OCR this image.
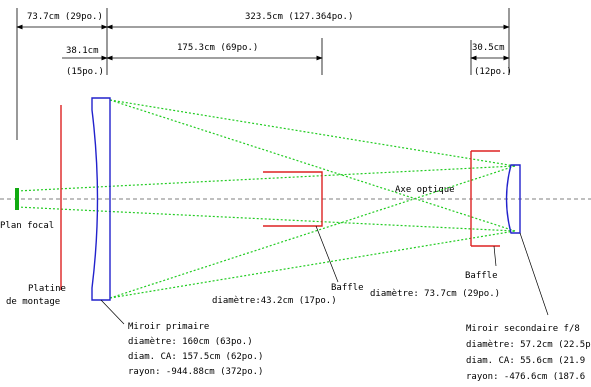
73.7cm (29po.)	323.5cm (127.364po.)
38.1cm
(15po.)
175.3cm (69po.)	30.5cm
(12po.)
Axe optique
Plan focal
Platine
de montage
Baffle
diamètre:43.2cm (17po.)
Baffle
diamètre: 73.7cm (29po.)
Miroir primaire
diamètre: 160cm (63po.)
diam. CA: 157.5cm (62po.)
rayon: -944.88cm (372po.)
Miroir secondaire f/8
diamètre: 57.2cm (22.5p
diam. CA: 55.6cm (21.9
rayon: -476.6cm (187.6
